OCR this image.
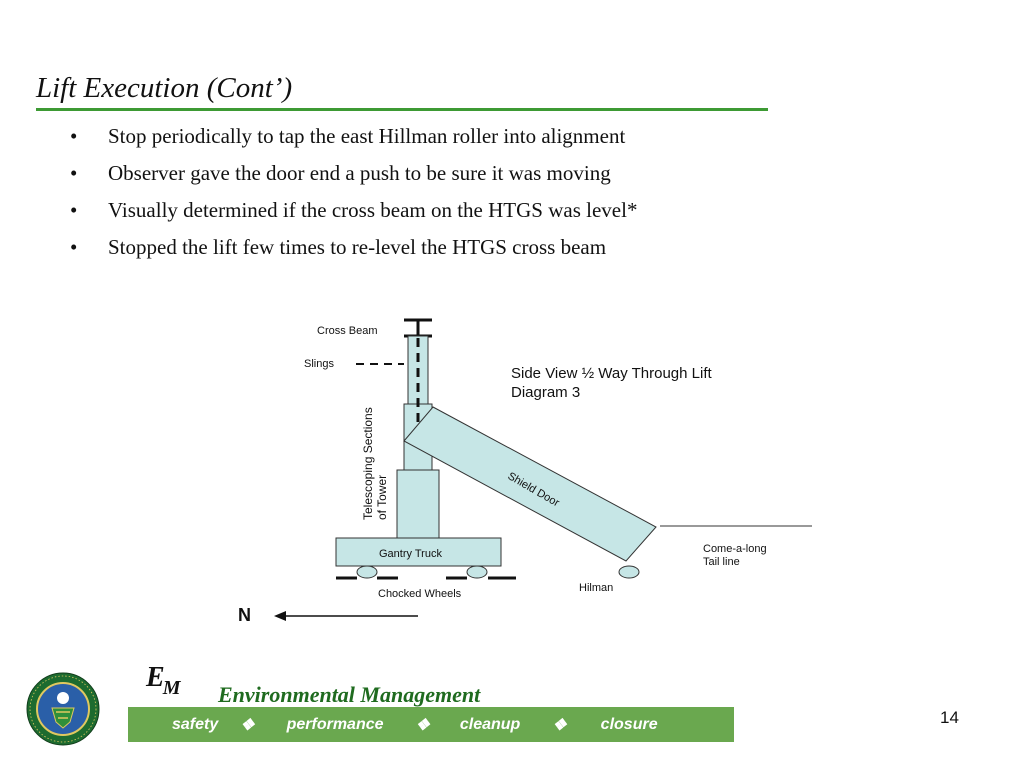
Lift Execution (Cont’)
• Stop periodically to tap the east Hillman roller into alignment
• Observer gave the door end a push to be sure it was moving
• Visually determined if the cross beam on the HTGS was level*
• Stopped the lift few times to re-level the HTGS cross beam
Cross Beam
Slings
Telescoping Sections of Tower	Shield Door
Gantry Truck
Chocked Wheels	Hilman
Come-a-long
Tail line
Side View ½ Way Through Lift
Diagram 3
N
EM Environmental Management
safety ❖ performance ❖ cleanup ❖ closure	14
